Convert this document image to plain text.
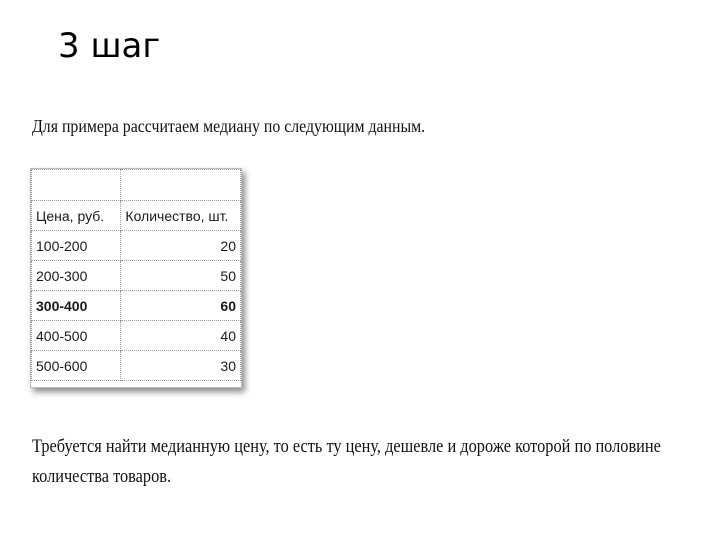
3 шаг
Для примера рассчитаем медиану по следующим данным.

Цена, руб.	Количество, шт.
100-200	20
200-300	50
300-400	60
400-500	40
500-600	30
Требуется найти медианную цену, то есть ту цену, дешевле и дороже которой по половине
количества товаров.
